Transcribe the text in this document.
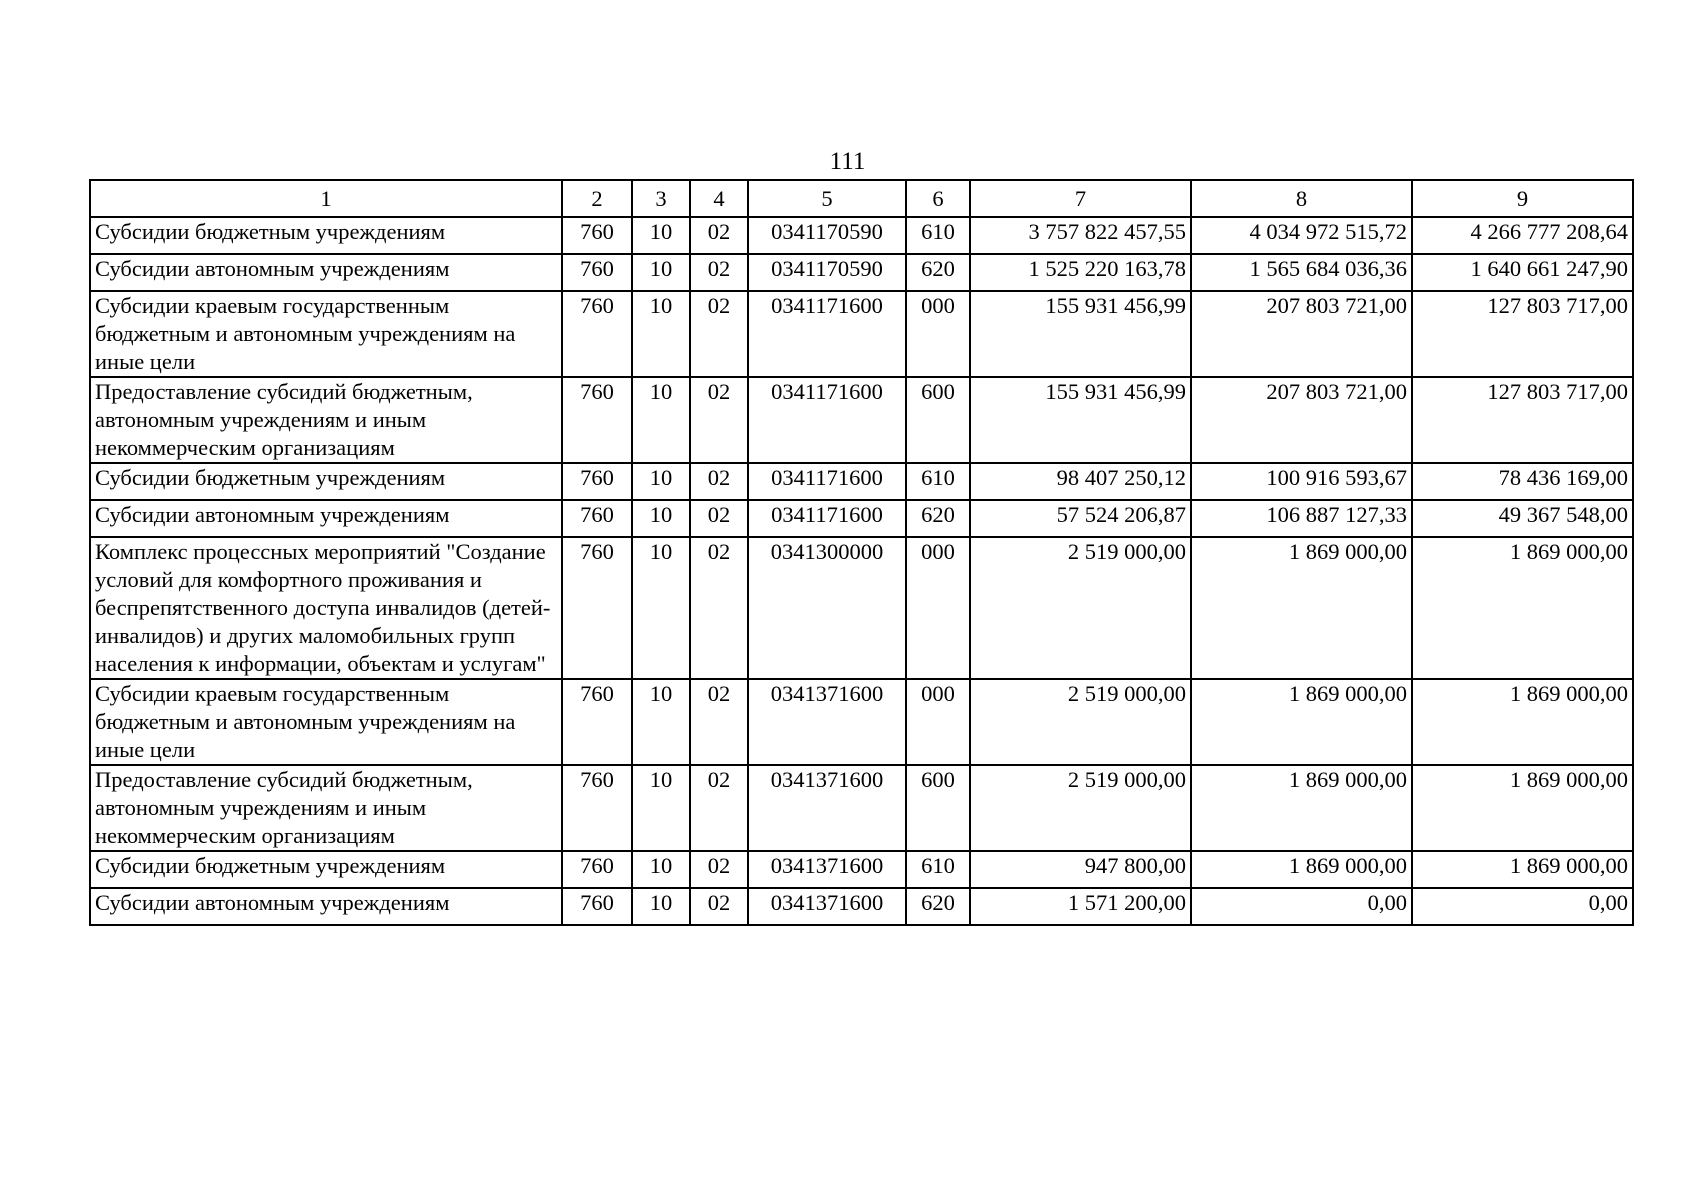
111
1	2	3	4	5	6	7	8	9
Субсидии бюджетным учреждениям	760	10	02	0341170590	610	3 757 822 457,55	4 034 972 515,72	4 266 777 208,64
Субсидии автономным учреждениям	760	10	02	0341170590	620	1 525 220 163,78	1 565 684 036,36	1 640 661 247,90
Субсидии краевым государственным бюджетным и автономным учреждениям на иные цели	760	10	02	0341171600	000	155 931 456,99	207 803 721,00	127 803 717,00
Предоставление субсидий бюджетным, автономным учреждениям и иным некоммерческим организациям	760	10	02	0341171600	600	155 931 456,99	207 803 721,00	127 803 717,00
Субсидии бюджетным учреждениям	760	10	02	0341171600	610	98 407 250,12	100 916 593,67	78 436 169,00
Субсидии автономным учреждениям	760	10	02	0341171600	620	57 524 206,87	106 887 127,33	49 367 548,00
Комплекс процессных мероприятий "Создание условий для комфортного проживания и беспрепятственного доступа инвалидов (детей-инвалидов) и других маломобильных групп населения к информации, объектам и услугам"	760	10	02	0341300000	000	2 519 000,00	1 869 000,00	1 869 000,00
Субсидии краевым государственным бюджетным и автономным учреждениям на иные цели	760	10	02	0341371600	000	2 519 000,00	1 869 000,00	1 869 000,00
Предоставление субсидий бюджетным, автономным учреждениям и иным некоммерческим организациям	760	10	02	0341371600	600	2 519 000,00	1 869 000,00	1 869 000,00
Субсидии бюджетным учреждениям	760	10	02	0341371600	610	947 800,00	1 869 000,00	1 869 000,00
Субсидии автономным учреждениям	760	10	02	0341371600	620	1 571 200,00	0,00	0,00
